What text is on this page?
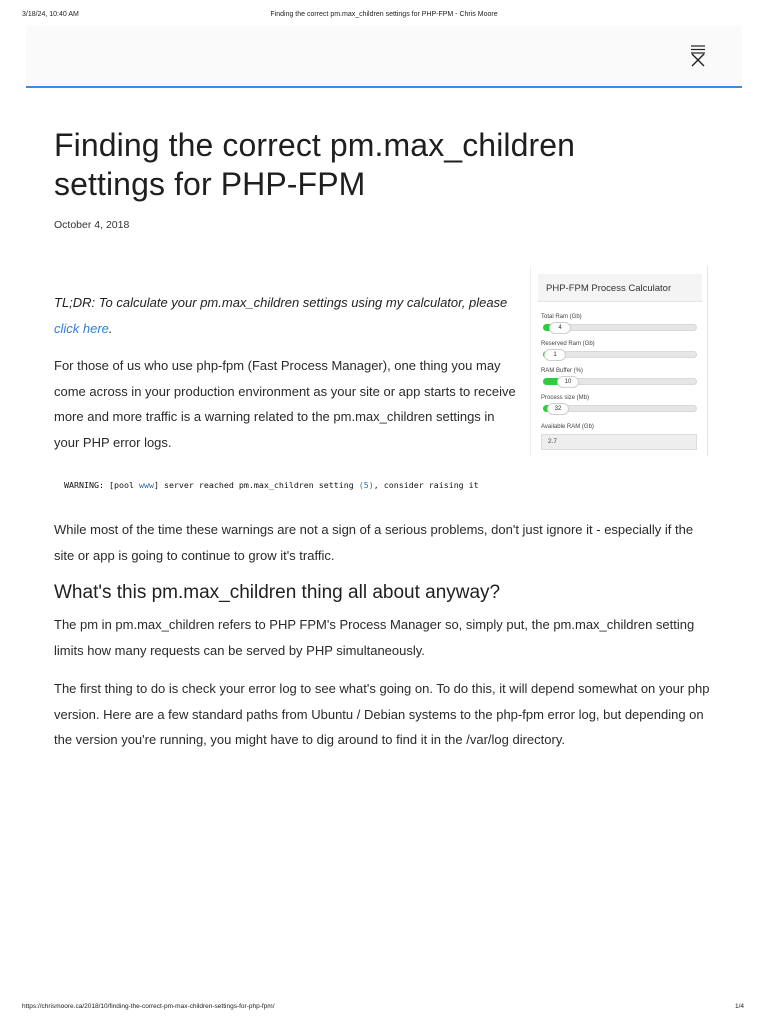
3/18/24, 10:40 AM	Finding the correct pm.max_children settings for PHP-FPM - Chris Moore
Finding the correct pm.max_children settings for PHP-FPM
October 4, 2018
PHP-FPM Process Calculator
Total Ram (Gb)
4
Reserved Ram (Gb)
1
RAM Buffer (%)
10
Process size (Mb)
32
Available RAM (Gb)
2.7

TL;DR: To calculate your pm.max_children settings using my calculator, please click here.

For those of us who use php-fpm (Fast Process Manager), one thing you may come across in your production environment as your site or app starts to receive more and more traffic is a warning related to the pm.max_children settings in your PHP error logs.

WARNING: [pool www] server reached pm.max_children setting (5), consider raising it

While most of the time these warnings are not a sign of a serious problems, don't just ignore it - especially if the site or app is going to continue to grow it's traffic.

What's this pm.max_children thing all about anyway?

The pm in pm.max_children refers to PHP FPM's Process Manager so, simply put, the pm.max_children setting limits how many requests can be served by PHP simultaneously.

The first thing to do is check your error log to see what's going on. To do this, it will depend somewhat on your php version. Here are a few standard paths from Ubuntu / Debian systems to the php-fpm error log, but depending on the version you're running, you might have to dig around to find it in the /var/log directory.

https://chrismoore.ca/2018/10/finding-the-correct-pm-max-children-settings-for-php-fpm/	1/4
